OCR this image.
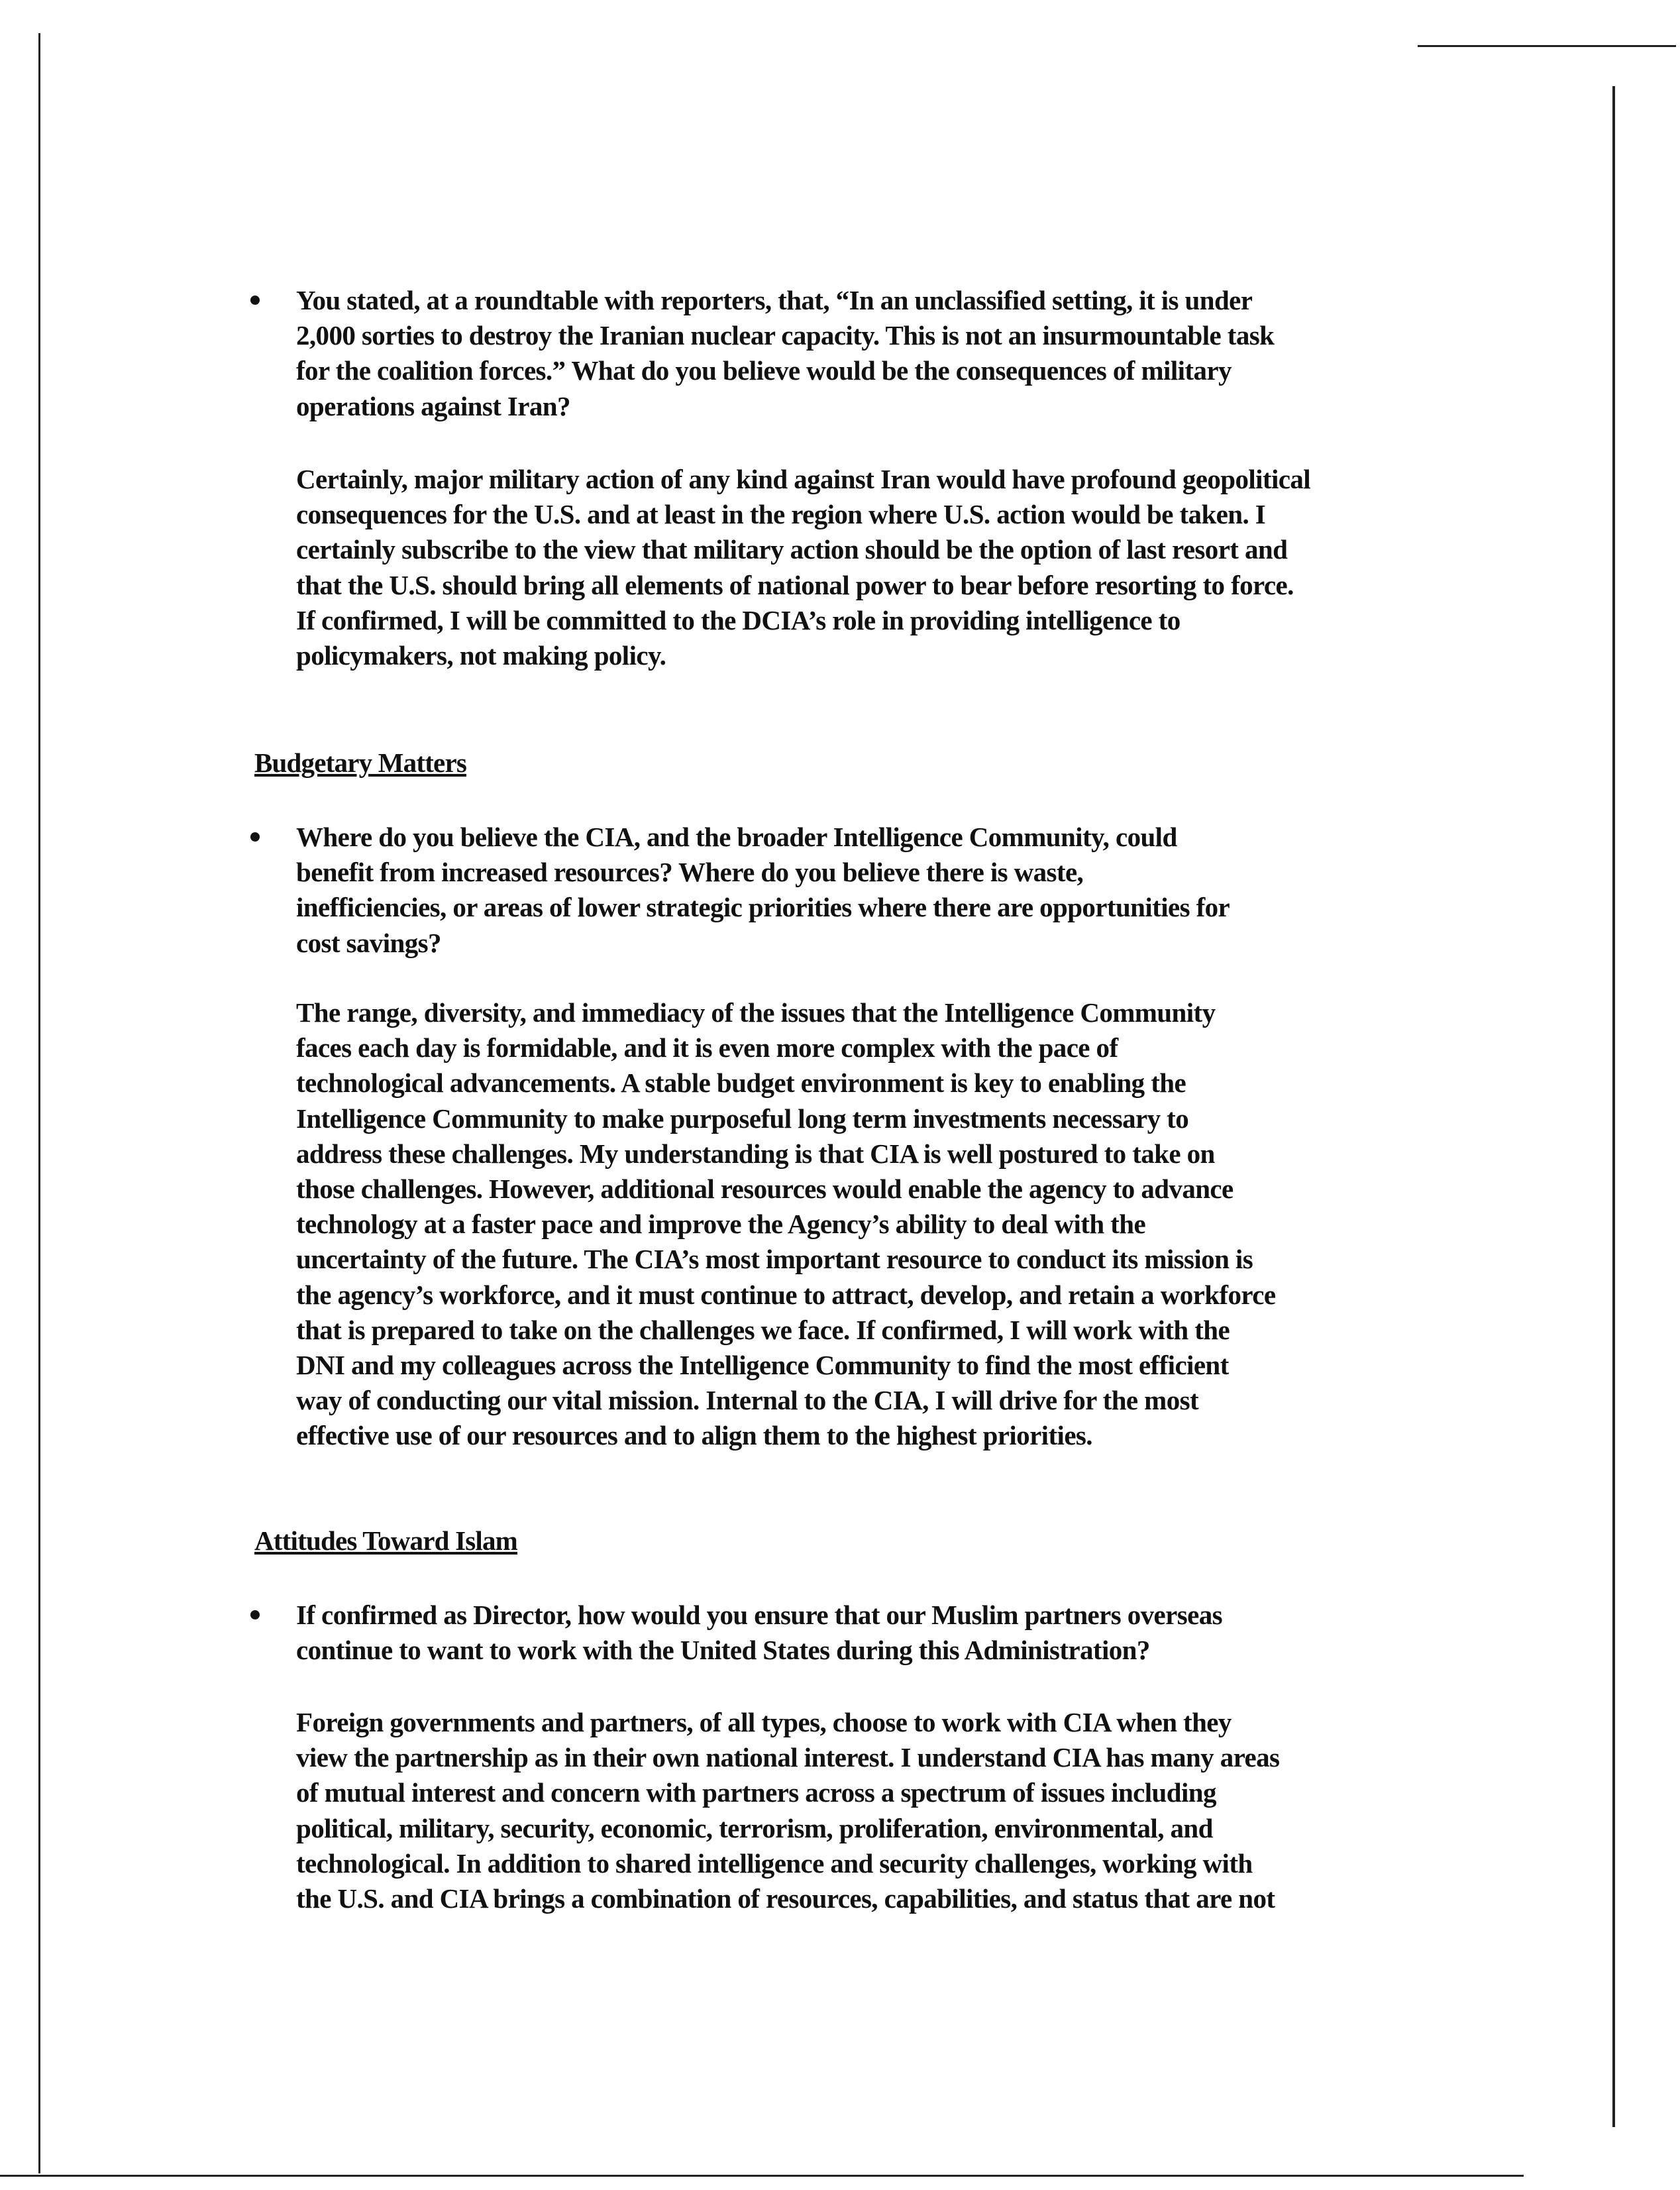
You stated, at a roundtable with reporters, that, “In an unclassified setting, it is under
2,000 sorties to destroy the Iranian nuclear capacity. This is not an insurmountable task
for the coalition forces.” What do you believe would be the consequences of military
operations against Iran?
Certainly, major military action of any kind against Iran would have profound geopolitical
consequences for the U.S. and at least in the region where U.S. action would be taken. I
certainly subscribe to the view that military action should be the option of last resort and
that the U.S. should bring all elements of national power to bear before resorting to force.
If confirmed, I will be committed to the DCIA’s role in providing intelligence to
policymakers, not making policy.
Budgetary Matters
Where do you believe the CIA, and the broader Intelligence Community, could
benefit from increased resources? Where do you believe there is waste,
inefficiencies, or areas of lower strategic priorities where there are opportunities for
cost savings?
The range, diversity, and immediacy of the issues that the Intelligence Community
faces each day is formidable, and it is even more complex with the pace of
technological advancements. A stable budget environment is key to enabling the
Intelligence Community to make purposeful long term investments necessary to
address these challenges. My understanding is that CIA is well postured to take on
those challenges. However, additional resources would enable the agency to advance
technology at a faster pace and improve the Agency’s ability to deal with the
uncertainty of the future. The CIA’s most important resource to conduct its mission is
the agency’s workforce, and it must continue to attract, develop, and retain a workforce
that is prepared to take on the challenges we face. If confirmed, I will work with the
DNI and my colleagues across the Intelligence Community to find the most efficient
way of conducting our vital mission. Internal to the CIA, I will drive for the most
effective use of our resources and to align them to the highest priorities.
Attitudes Toward Islam
If confirmed as Director, how would you ensure that our Muslim partners overseas
continue to want to work with the United States during this Administration?
Foreign governments and partners, of all types, choose to work with CIA when they
view the partnership as in their own national interest. I understand CIA has many areas
of mutual interest and concern with partners across a spectrum of issues including
political, military, security, economic, terrorism, proliferation, environmental, and
technological. In addition to shared intelligence and security challenges, working with
the U.S. and CIA brings a combination of resources, capabilities, and status that are not
